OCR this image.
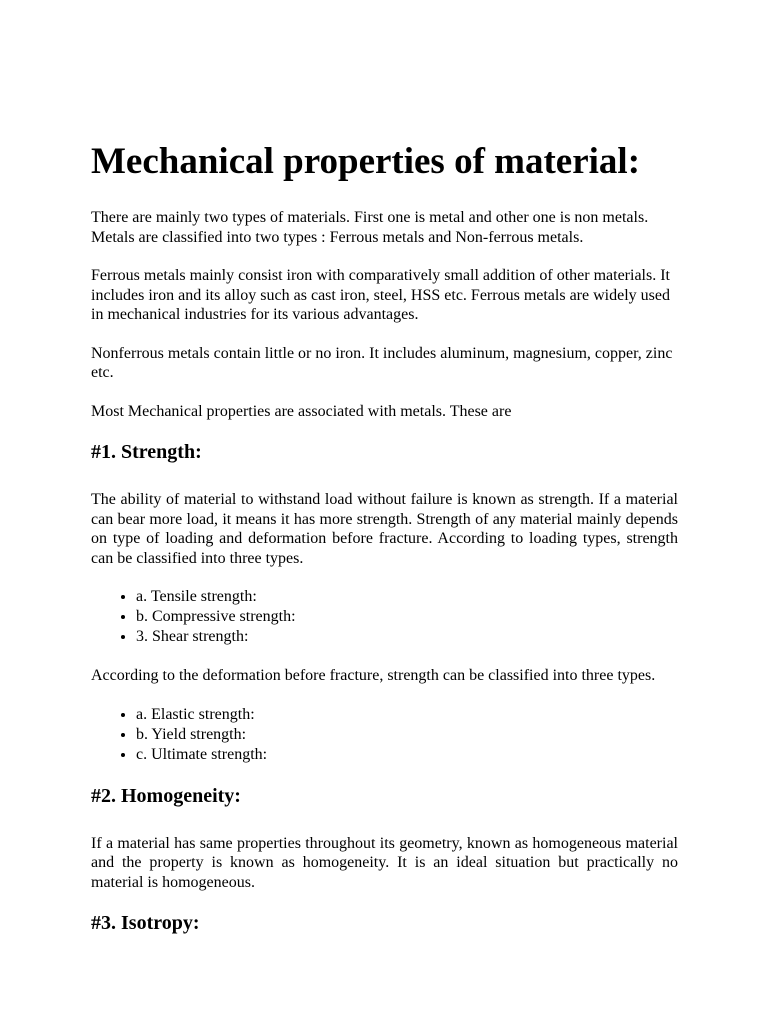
Mechanical properties of material:

There are mainly two types of materials. First one is metal and other one is non metals. Metals are classified into two types : Ferrous metals and Non-ferrous metals.

Ferrous metals mainly consist iron with comparatively small addition of other materials. It includes iron and its alloy such as cast iron, steel, HSS etc. Ferrous metals are widely used in mechanical industries for its various advantages.

Nonferrous metals contain little or no iron. It includes aluminum, magnesium, copper, zinc etc.

Most Mechanical properties are associated with metals. These are

#1. Strength:

The ability of material to withstand load without failure is known as strength. If a material can bear more load, it means it has more strength. Strength of any material mainly depends on type of loading and deformation before fracture. According to loading types, strength can be classified into three types.

• a. Tensile strength:
• b. Compressive strength:
• 3. Shear strength:

According to the deformation before fracture, strength can be classified into three types.

• a. Elastic strength:
• b. Yield strength:
• c. Ultimate strength:
#2. Homogeneity:

If a material has same properties throughout its geometry, known as homogeneous material and the property is known as homogeneity. It is an ideal situation but practically no material is homogeneous.

#3. Isotropy:
